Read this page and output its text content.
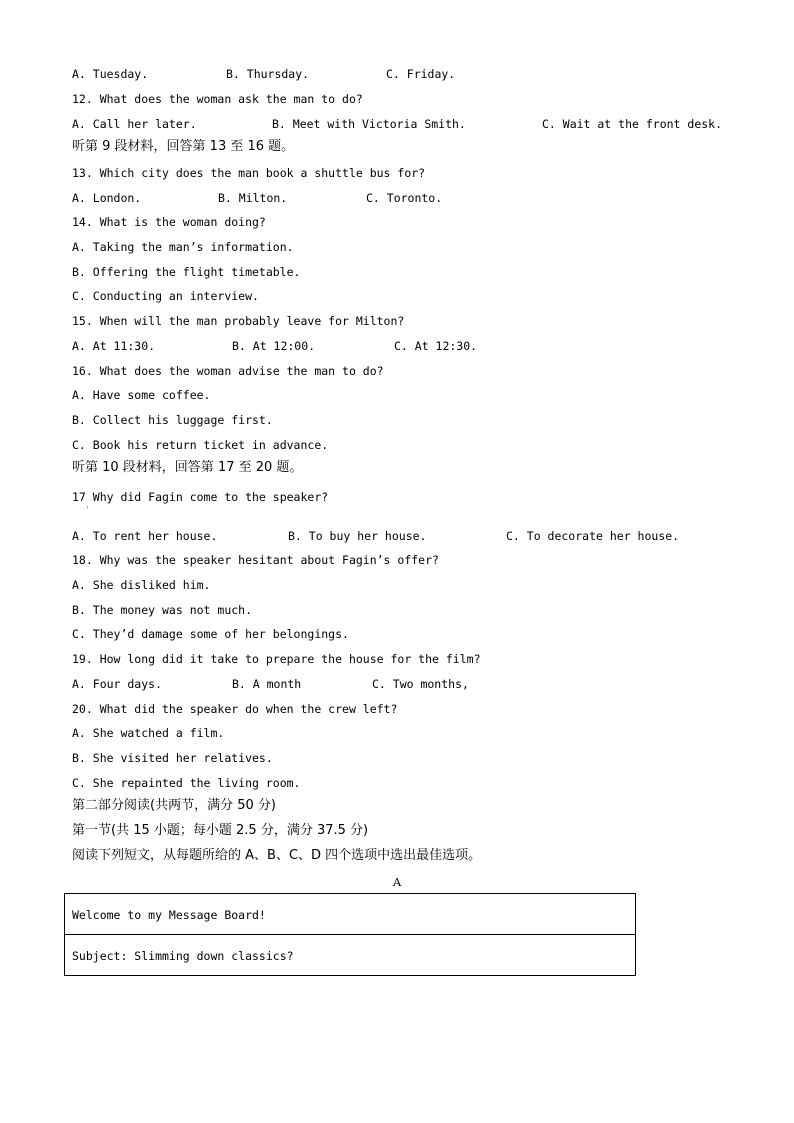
A. Tuesday.	B. Thursday.	C. Friday.
12. What does the woman ask the man to do?
A. Call her later.	B. Meet with Victoria Smith.	C. Wait at the front desk.
听第 9 段材料，回答第 13 至 16 题。
13. Which city does the man book a shuttle bus for?
A. London.	B. Milton.	C. Toronto.
14. What is the woman doing?
A. Taking the man’s information.
B. Offering the flight timetable.
C. Conducting an interview.
15. When will the man probably leave for Milton?
A. At 11:30.	B. At 12:00.	C. At 12:30.
16. What does the woman advise the man to do?
A. Have some coffee.
B. Collect his luggage first.
C. Book his return ticket in advance.
听第 10 段材料，回答第 17 至 20 题。
17 Why did Fagin come to the speaker?
'
A. To rent her house.	B. To buy her house.	C. To decorate her house.
18. Why was the speaker hesitant about Fagin’s offer?
A. She disliked him.
B. The money was not much.
C. They’d damage some of her belongings.
19. How long did it take to prepare the house for the film?
A. Four days.	B. A month	C. Two months,
20. What did the speaker do when the crew left?
A. She watched a film.
B. She visited her relatives.
C. She repainted the living room.
第二部分阅读(共两节，满分 50 分)
第一节(共 15 小题；每小题 2.5 分，满分 37.5 分)
阅读下列短文，从每题所给的 A、B、C、D 四个选项中选出最佳选项。
A
Welcome to my Message Board!
Subject: Slimming down classics?
